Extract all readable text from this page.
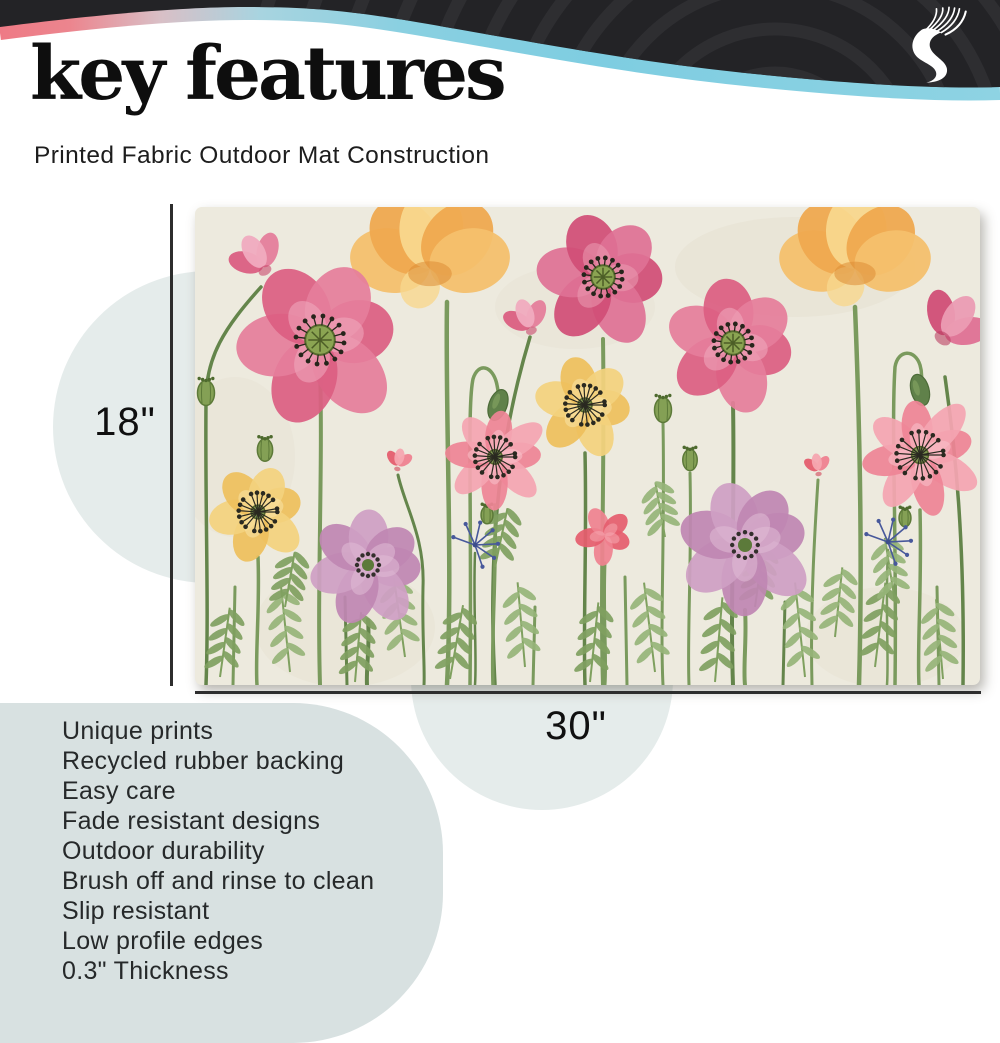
key features
Printed Fabric Outdoor Mat Construction
18"
30"
Unique prints
Recycled rubber backing
Easy care
Fade resistant designs
Outdoor durability
Brush off and rinse to clean
Slip resistant
Low profile edges
0.3" Thickness
